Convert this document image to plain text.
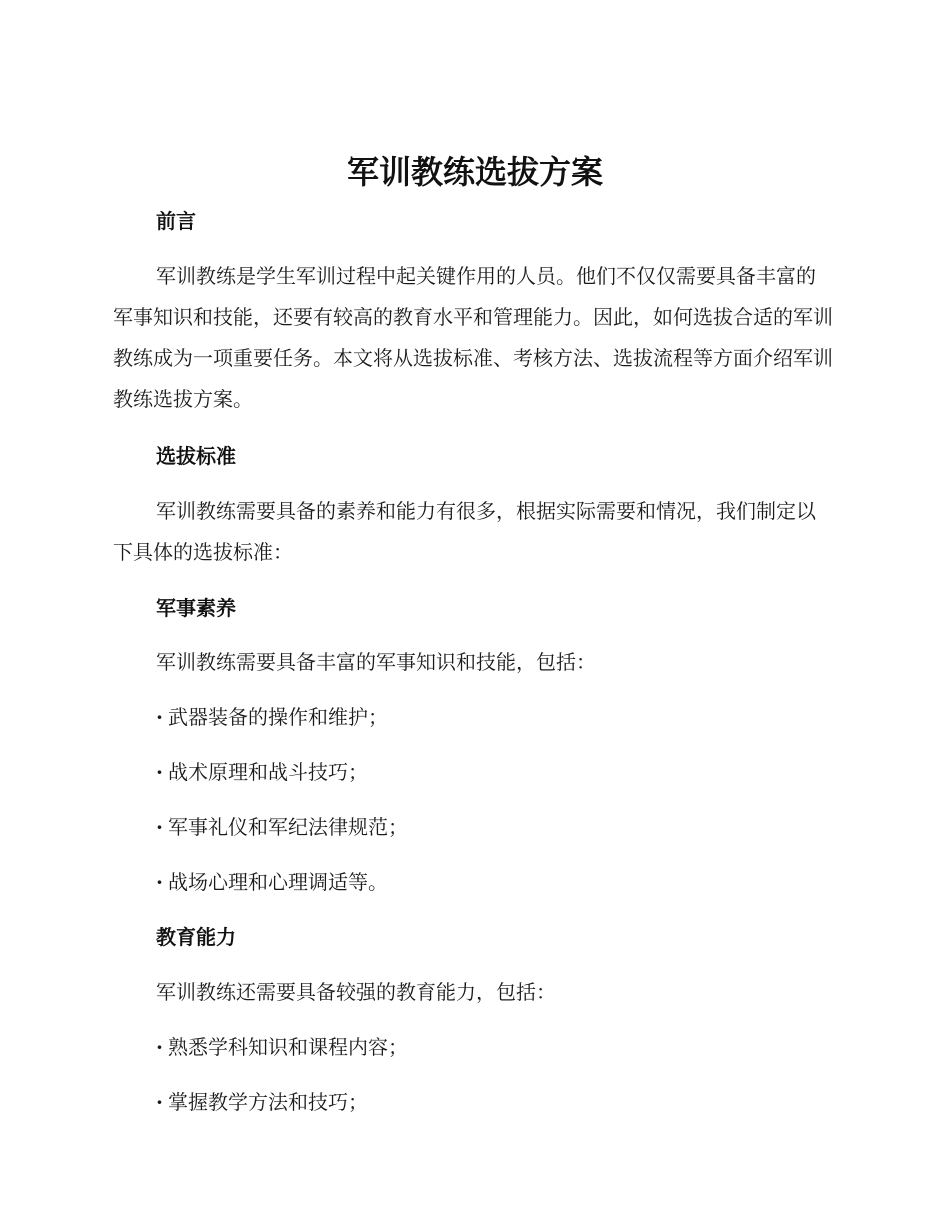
军训教练选拔方案
前言

军训教练是学生军训过程中起关键作用的人员。他们不仅仅需要具备丰富的军事知识和技能，还要有较高的教育水平和管理能力。因此，如何选拔合适的军训教练成为一项重要任务。本文将从选拔标准、考核方法、选拔流程等方面介绍军训教练选拔方案。

选拔标准

军训教练需要具备的素养和能力有很多，根据实际需要和情况，我们制定以下具体的选拔标准：

军事素养

军训教练需要具备丰富的军事知识和技能，包括：

· 武器装备的操作和维护；

· 战术原理和战斗技巧；

· 军事礼仪和军纪法律规范；

· 战场心理和心理调适等。

教育能力

军训教练还需要具备较强的教育能力，包括：

· 熟悉学科知识和课程内容；

· 掌握教学方法和技巧；
